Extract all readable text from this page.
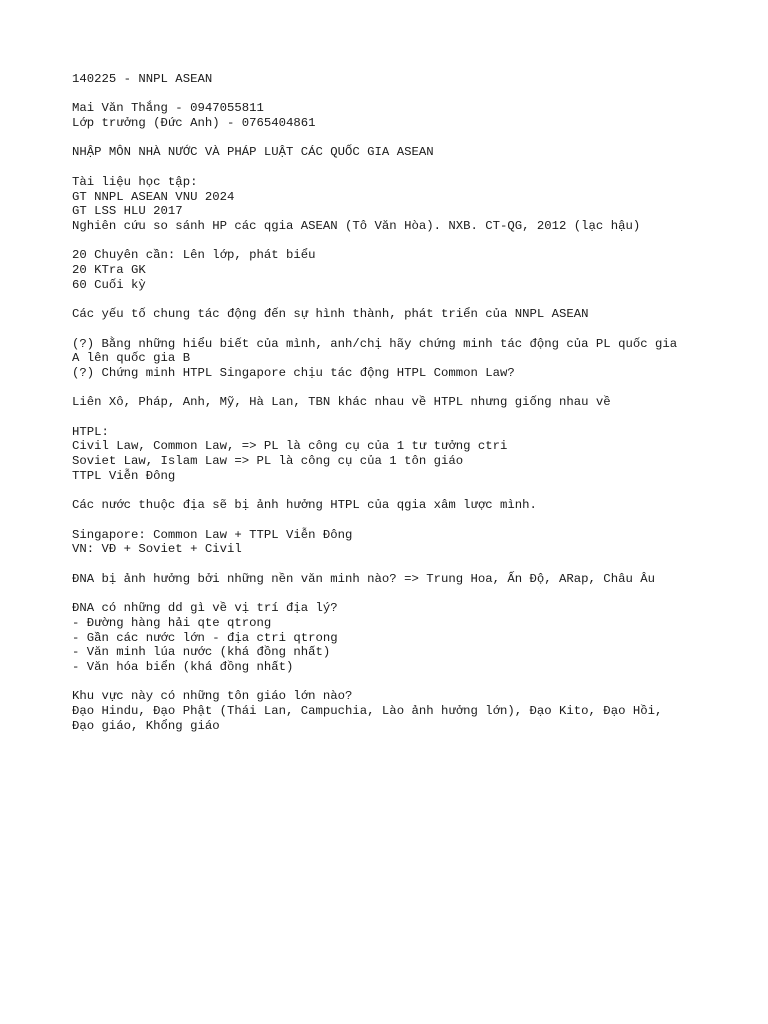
140225 - NNPL ASEAN
Mai Văn Thắng - 0947055811
Lớp trưởng (Đức Anh) - 0765404861
NHẬP MÔN NHÀ NƯỚC VÀ PHÁP LUẬT CÁC QUỐC GIA ASEAN
Tài liệu học tập:
GT NNPL ASEAN VNU 2024
GT LSS HLU 2017
Nghiên cứu so sánh HP các qgia ASEAN (Tô Văn Hòa). NXB. CT-QG, 2012 (lạc hậu)
20 Chuyên cần: Lên lớp, phát biểu
20 KTra GK
60 Cuối kỳ
Các yếu tố chung tác động đến sự hình thành, phát triển của NNPL ASEAN
(?) Bằng những hiểu biết của mình, anh/chị hãy chứng minh tác động của PL quốc gia
A lên quốc gia B
(?) Chứng minh HTPL Singapore chịu tác động HTPL Common Law?
Liên Xô, Pháp, Anh, Mỹ, Hà Lan, TBN khác nhau về HTPL nhưng giống nhau về
HTPL:
Civil Law, Common Law, => PL là công cụ của 1 tư tưởng ctri
Soviet Law, Islam Law => PL là công cụ của 1 tôn giáo
TTPL Viễn Đông
Các nước thuộc địa sẽ bị ảnh hưởng HTPL của qgia xâm lược mình.
Singapore: Common Law + TTPL Viễn Đông
VN: VĐ + Soviet + Civil
ĐNA bị ảnh hưởng bởi những nền văn minh nào? => Trung Hoa, Ấn Độ, ARap, Châu Âu
ĐNA có những dd gì về vị trí địa lý?
- Đường hàng hải qte qtrong
- Gần các nước lớn - địa ctri qtrong
- Văn minh lúa nước (khá đồng nhất)
- Văn hóa biển (khá đồng nhất)
Khu vực này có những tôn giáo lớn nào?
Đạo Hindu, Đạo Phật (Thái Lan, Campuchia, Lào ảnh hưởng lớn), Đạo Kito, Đạo Hồi,
Đạo giáo, Khổng giáo
